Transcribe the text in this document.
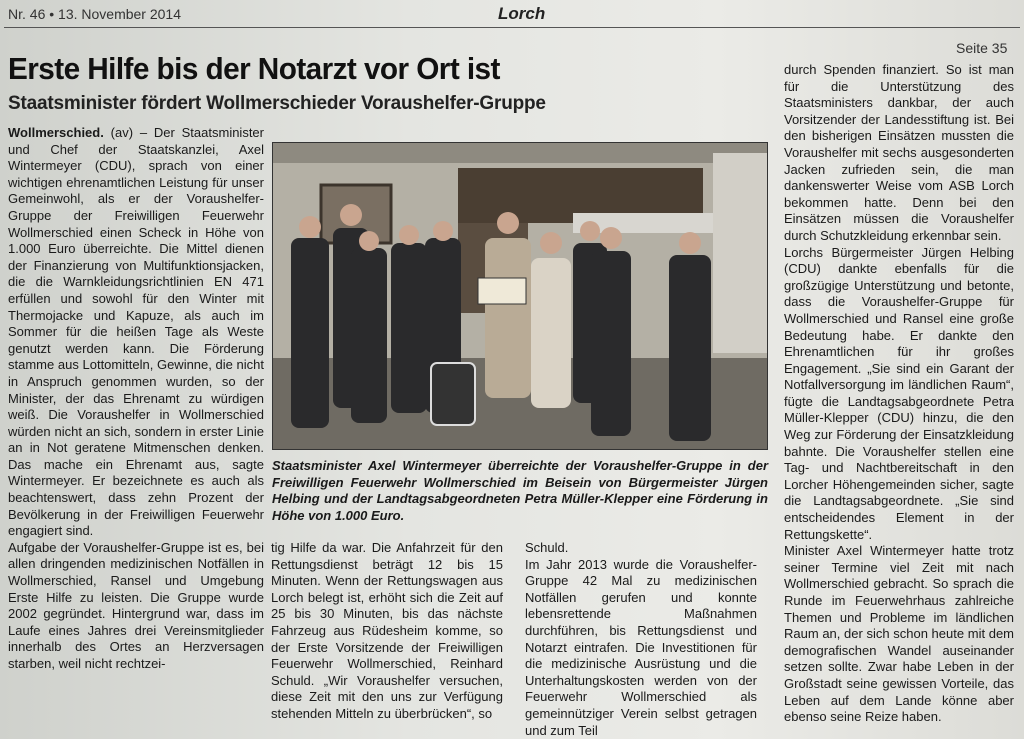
Nr. 46 • 13. November 2014	Lorch
Seite 35
Erste Hilfe bis der Notarzt vor Ort ist
Staatsminister fördert Wollmerschieder Voraushelfer-Gruppe

Wollmerschied. (av) – Der Staatsminister und Chef der Staatskanzlei, Axel Wintermeyer (CDU), sprach von einer wichtigen ehrenamtlichen Leistung für unser Gemeinwohl, als er der Voraushelfer-Gruppe der Freiwilligen Feuerwehr Wollmerschied einen Scheck in Höhe von 1.000 Euro überreichte. Die Mittel dienen der Finanzierung von Multifunktionsjacken, die die Warnkleidungsrichtlinien EN 471 erfüllen und sowohl für den Winter mit Thermojacke und Kapuze, als auch im Sommer für die heißen Tage als Weste genutzt werden kann. Die Förderung stamme aus Lottomitteln, Gewinne, die nicht in Anspruch genommen wurden, so der Minister, der das Ehrenamt zu würdigen weiß. Die Voraushelfer in Wollmerschied würden nicht an sich, sondern in erster Linie an in Not geratene Mitmenschen denken. Das mache ein Ehrenamt aus, sagte Wintermeyer. Er bezeichnete es auch als beachtenswert, dass zehn Prozent der Bevölkerung in der Freiwilligen Feuerwehr engagiert sind.

Aufgabe der Voraushelfer-Gruppe ist es, bei allen dringenden medizinischen Notfällen in Wollmerschied, Ransel und Umgebung Erste Hilfe zu leisten. Die Gruppe wurde 2002 gegründet. Hintergrund war, dass im Laufe eines Jahres drei Vereinsmitglieder innerhalb des Ortes an Herzversagen starben, weil nicht rechtzei-

Staatsminister Axel Wintermeyer überreichte der Voraushelfer-Gruppe in der Freiwilligen Feuerwehr Wollmerschied im Beisein von Bürgermeister Jürgen Helbing und der Landtagsabgeordneten Petra Müller-Klepper eine Förderung in Höhe von 1.000 Euro.

tig Hilfe da war. Die Anfahrzeit für den Rettungsdienst beträgt 12 bis 15 Minuten. Wenn der Rettungswagen aus Lorch belegt ist, erhöht sich die Zeit auf 25 bis 30 Minuten, bis das nächste Fahrzeug aus Rüdesheim komme, so der Erste Vorsitzende der Freiwilligen Feuerwehr Wollmerschied, Reinhard Schuld. „Wir Voraushelfer versuchen, diese Zeit mit den uns zur Verfügung stehenden Mitteln zu überbrücken“, so

Schuld.

Im Jahr 2013 wurde die Voraushelfer-Gruppe 42 Mal zu medizinischen Notfällen gerufen und konnte lebensrettende Maßnahmen durchführen, bis Rettungsdienst und Notarzt eintrafen. Die Investitionen für die medizinische Ausrüstung und die Unterhaltungskosten werden von der Feuerwehr Wollmerschied als gemeinnütziger Verein selbst getragen und zum Teil

durch Spenden finanziert. So ist man für die Unterstützung des Staatsministers dankbar, der auch Vorsitzender der Landesstiftung ist. Bei den bisherigen Einsätzen mussten die Voraushelfer mit sechs ausgesonderten Jacken zufrieden sein, die man dankenswerter Weise vom ASB Lorch bekommen hatte. Denn bei den Einsätzen müssen die Voraushelfer durch Schutzkleidung erkennbar sein.

Lorchs Bürgermeister Jürgen Helbing (CDU) dankte ebenfalls für die großzügige Unterstützung und betonte, dass die Voraushelfer-Gruppe für Wollmerschied und Ransel eine große Bedeutung habe. Er dankte den Ehrenamtlichen für ihr großes Engagement. „Sie sind ein Garant der Notfallversorgung im ländlichen Raum“, fügte die Landtagsabgeordnete Petra Müller-Klepper (CDU) hinzu, die den Weg zur Förderung der Einsatzkleidung bahnte. Die Voraushelfer stellen eine Tag- und Nachtbereitschaft in den Lorcher Höhengemeinden sicher, sagte die Landtagsabgeordnete. „Sie sind entscheidendes Element in der Rettungskette“.

Minister Axel Wintermeyer hatte trotz seiner Termine viel Zeit mit nach Wollmerschied gebracht. So sprach die Runde im Feuerwehrhaus zahlreiche Themen und Probleme im ländlichen Raum an, der sich schon heute mit dem demografischen Wandel auseinander setzen sollte. Zwar habe Leben in der Großstadt seine gewissen Vorteile, das Leben auf dem Lande könne aber ebenso seine Reize haben.
